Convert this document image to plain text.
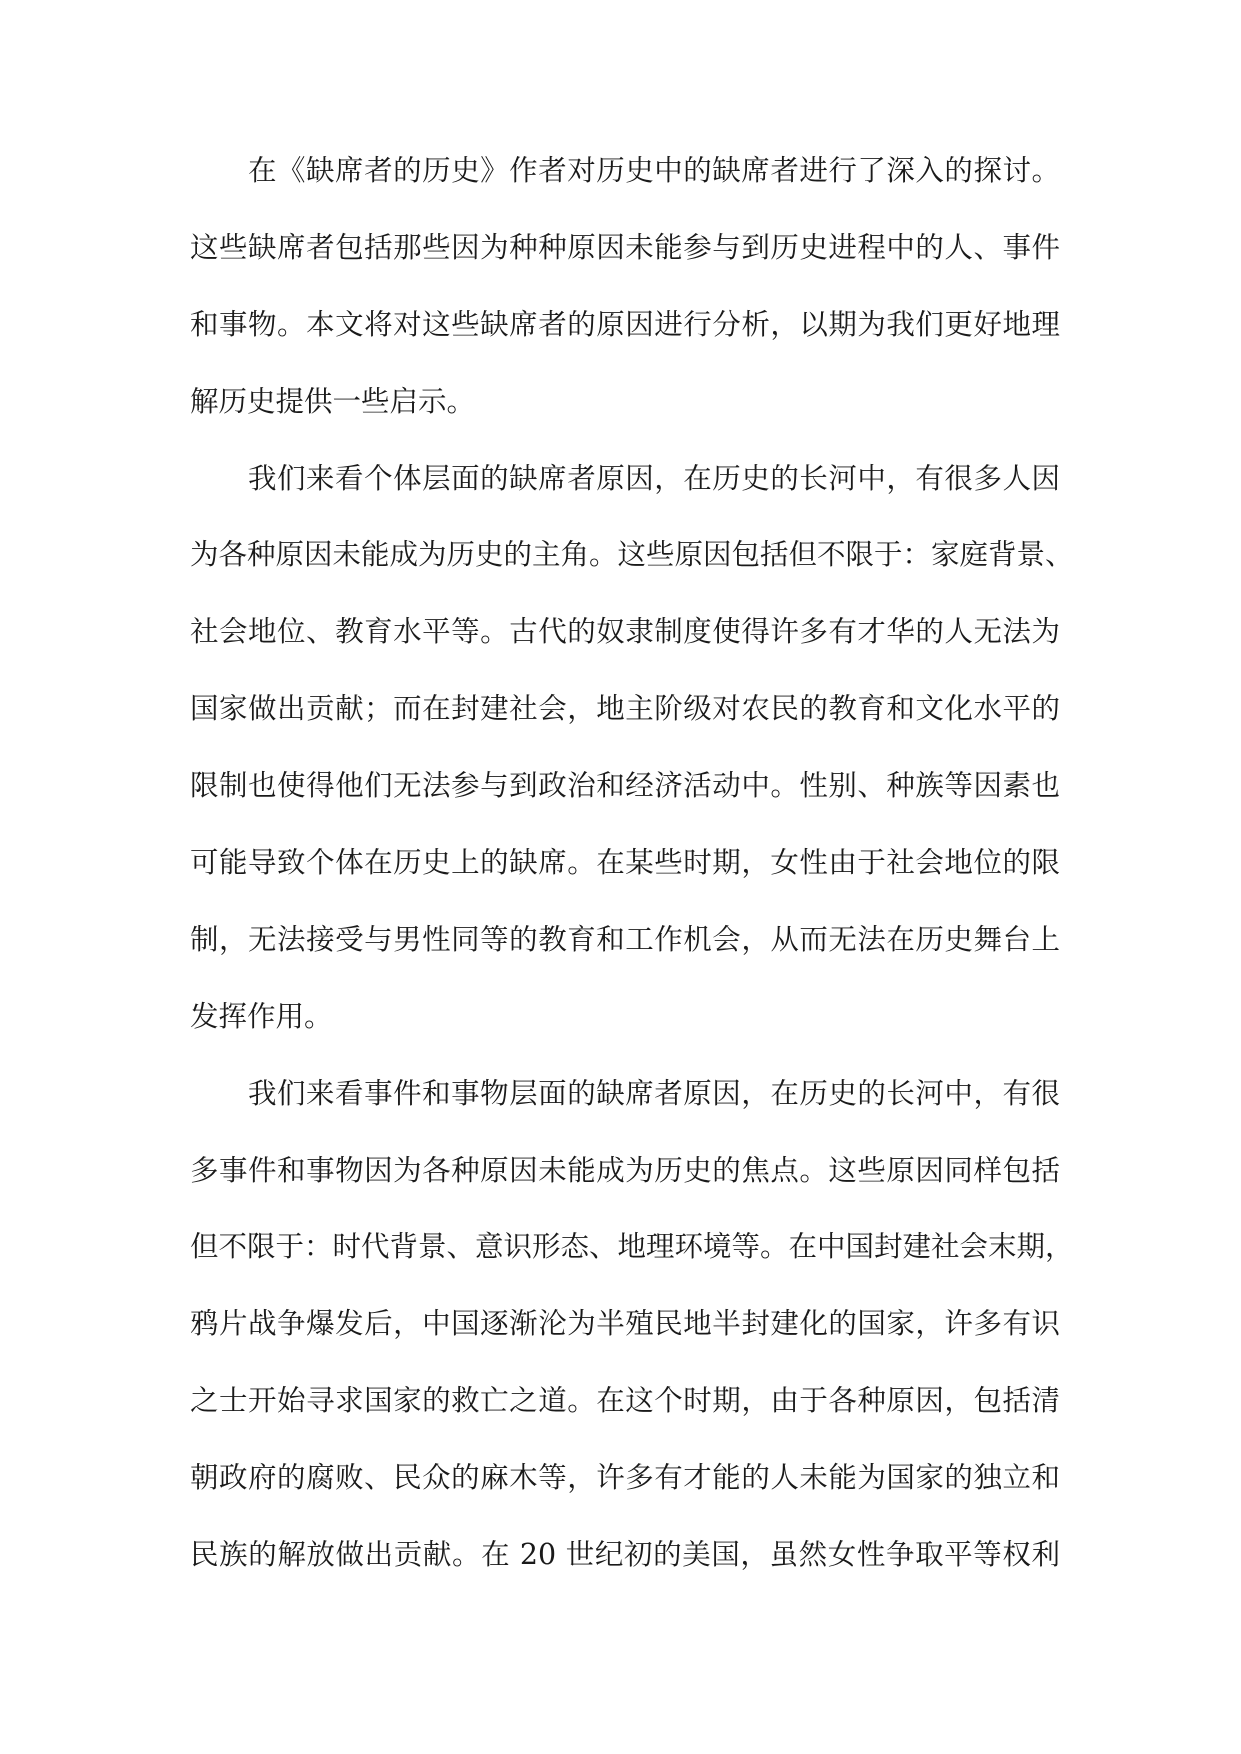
在《缺席者的历史》作者对历史中的缺席者进行了深入的探讨。
这些缺席者包括那些因为种种原因未能参与到历史进程中的人、事件
和事物。本文将对这些缺席者的原因进行分析，以期为我们更好地理
解历史提供一些启示。
我们来看个体层面的缺席者原因，在历史的长河中，有很多人因
为各种原因未能成为历史的主角。这些原因包括但不限于：家庭背景、
社会地位、教育水平等。古代的奴隶制度使得许多有才华的人无法为
国家做出贡献；而在封建社会，地主阶级对农民的教育和文化水平的
限制也使得他们无法参与到政治和经济活动中。性别、种族等因素也
可能导致个体在历史上的缺席。在某些时期，女性由于社会地位的限
制，无法接受与男性同等的教育和工作机会，从而无法在历史舞台上
发挥作用。
我们来看事件和事物层面的缺席者原因，在历史的长河中，有很
多事件和事物因为各种原因未能成为历史的焦点。这些原因同样包括
但不限于：时代背景、意识形态、地理环境等。在中国封建社会末期，
鸦片战争爆发后，中国逐渐沦为半殖民地半封建化的国家，许多有识
之士开始寻求国家的救亡之道。在这个时期，由于各种原因，包括清
朝政府的腐败、民众的麻木等，许多有才能的人未能为国家的独立和
民族的解放做出贡献。在 20 世纪初的美国，虽然女性争取平等权利
